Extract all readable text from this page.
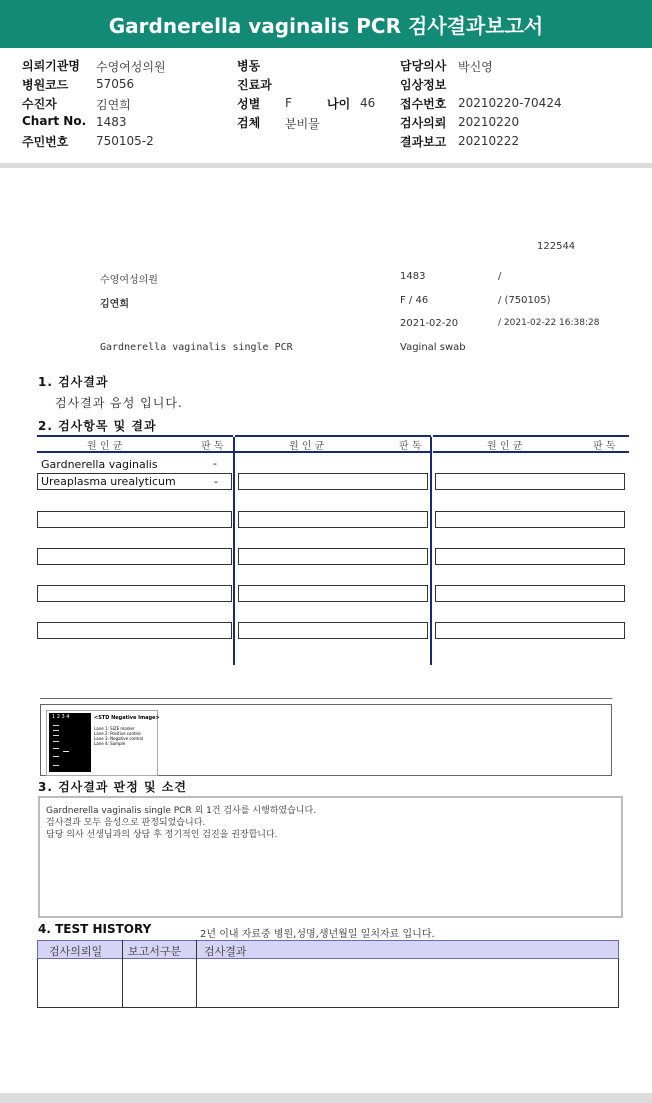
Gardnerella vaginalis PCR 검사결과보고서
의뢰기관명 수영여성의원
병원코드 57056
수진자	김연희
Chart No. 1483
주민번호 750105-2
병동
진료과
성별 F	나이 46
검체 분비물
담당의사 박신영
임상정보
접수번호 20210220-70424
검사의뢰 20210220
결과보고 20210222
122544
수영여성의원	1483	/
김연희	F / 46	/ (750105)
2021-02-20	/ 2021-02-22 16:38:28
Gardnerella vaginalis single PCR	Vaginal swab
1. 검사결과
검사결과 음성 입니다.
2. 검사항목 및 결과
원 인 균	판 독	원 인 균	판 독	원 인 균	판 독
Gardnerella vaginalis	-
Ureaplasma urealyticum	-
1 2 3 4	<STD Negative Image>
Lane 1: SIZE marker
Lane 2: Positive control
Lane 3: Negative control
Lane 4: Sample
3. 검사결과 판정 및 소견
Gardnerella vaginalis single PCR 외 1건 검사를 시행하였습니다.
검사결과 모두 음성으로 판정되었습니다.
담당 의사 선생님과의 상담 후 정기적인 검진을 권장합니다.
4. TEST HISTORY	2년 이내 자료중 병원,성명,생년월일 일치자료 입니다.
검사의뢰일 보고서구분 검사결과
